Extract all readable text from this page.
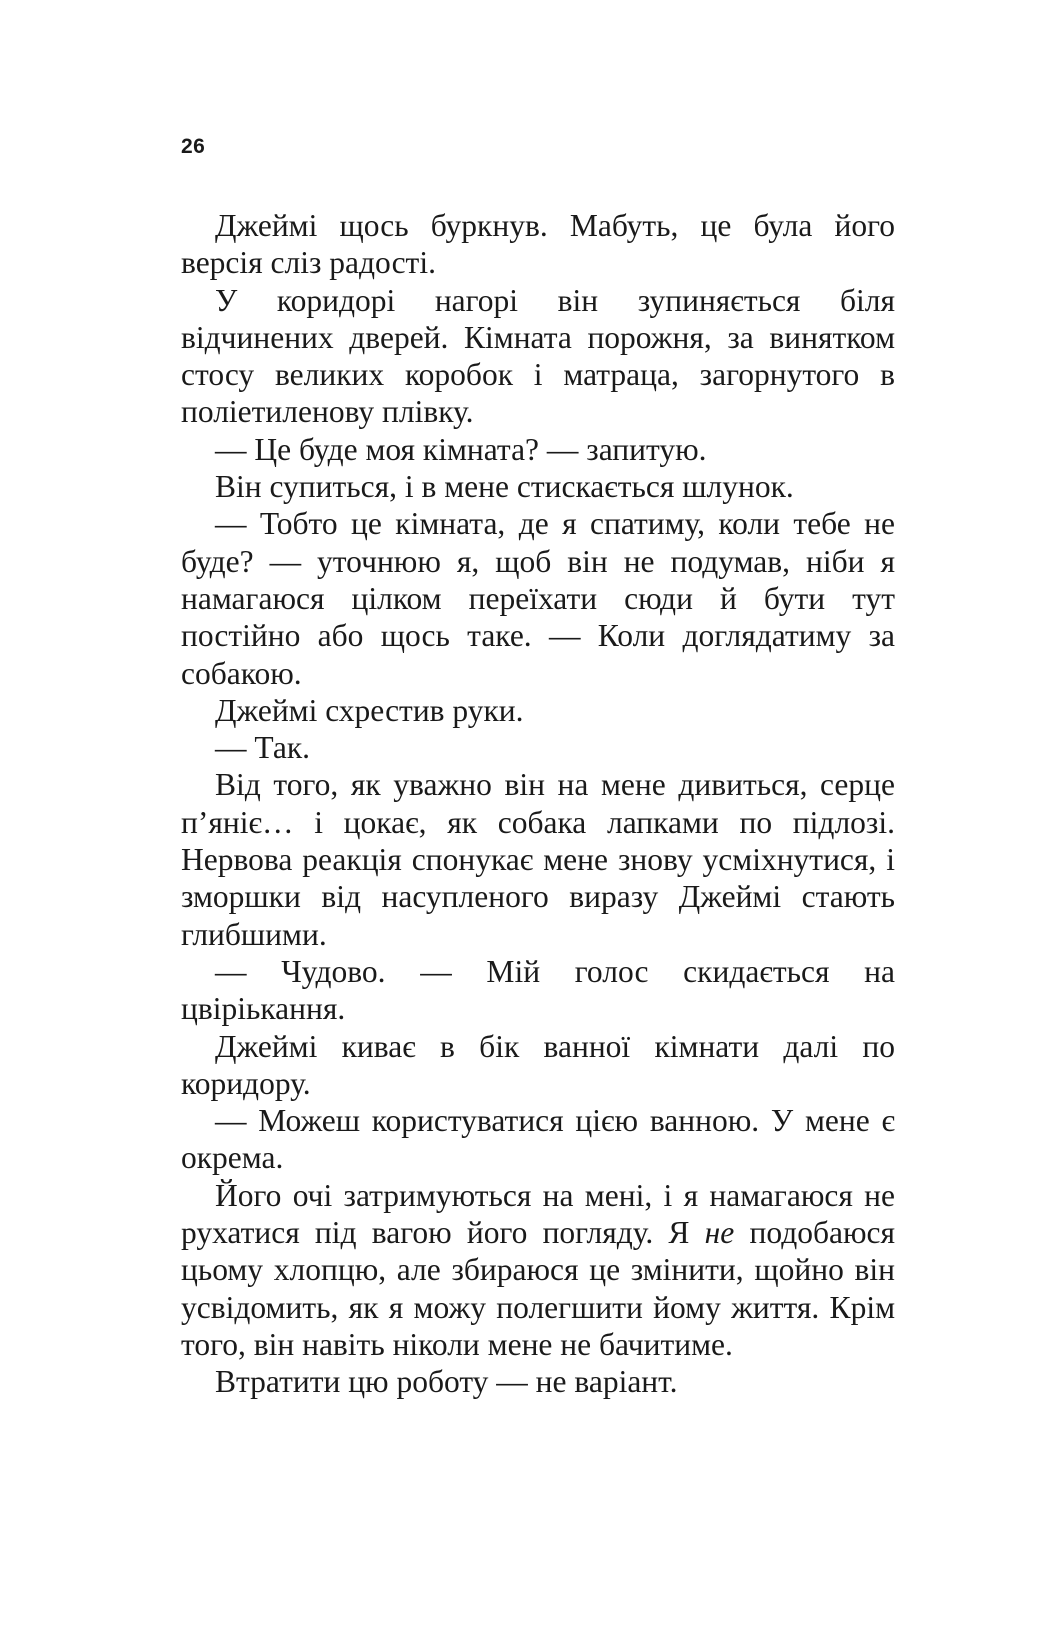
26

Джеймі щось буркнув. Мабуть, це була його версія сліз радості.

У коридорі нагорі він зупиняється біля відчинених дверей. Кімната порожня, за винятком стосу великих коробок і матраца, загорнутого в поліетиленову плівку.

— Це буде моя кімната? — запитую.

Він супиться, і в мене стискається шлунок.

— Тобто це кімната, де я спатиму, коли тебе не буде? — уточнюю я, щоб він не подумав, ніби я намагаюся цілком переїхати сюди й бути тут постійно або щось таке. — Коли доглядатиму за собакою.

Джеймі схрестив руки.

— Так.

Від того, як уважно він на мене дивиться, серце п’яніє… і цокає, як собака лапками по підлозі. Нервова реакція спонукає мене знову усміхнутися, і зморшки від насупленого виразу Джеймі стають глибшими.

— Чудово. — Мій голос скидається на цвіріькання.

Джеймі киває в бік ванної кімнати далі по коридору.

— Можеш користуватися цією ванною. У мене є окрема.

Його очі затримуються на мені, і я намагаюся не рухатися під вагою його погляду. Я не подобаюся цьому хлопцю, але збираюся це змінити, щойно він усвідомить, як я можу полегшити йому життя. Крім того, він навіть ніколи мене не бачитиме.

Втратити цю роботу — не варіант.
